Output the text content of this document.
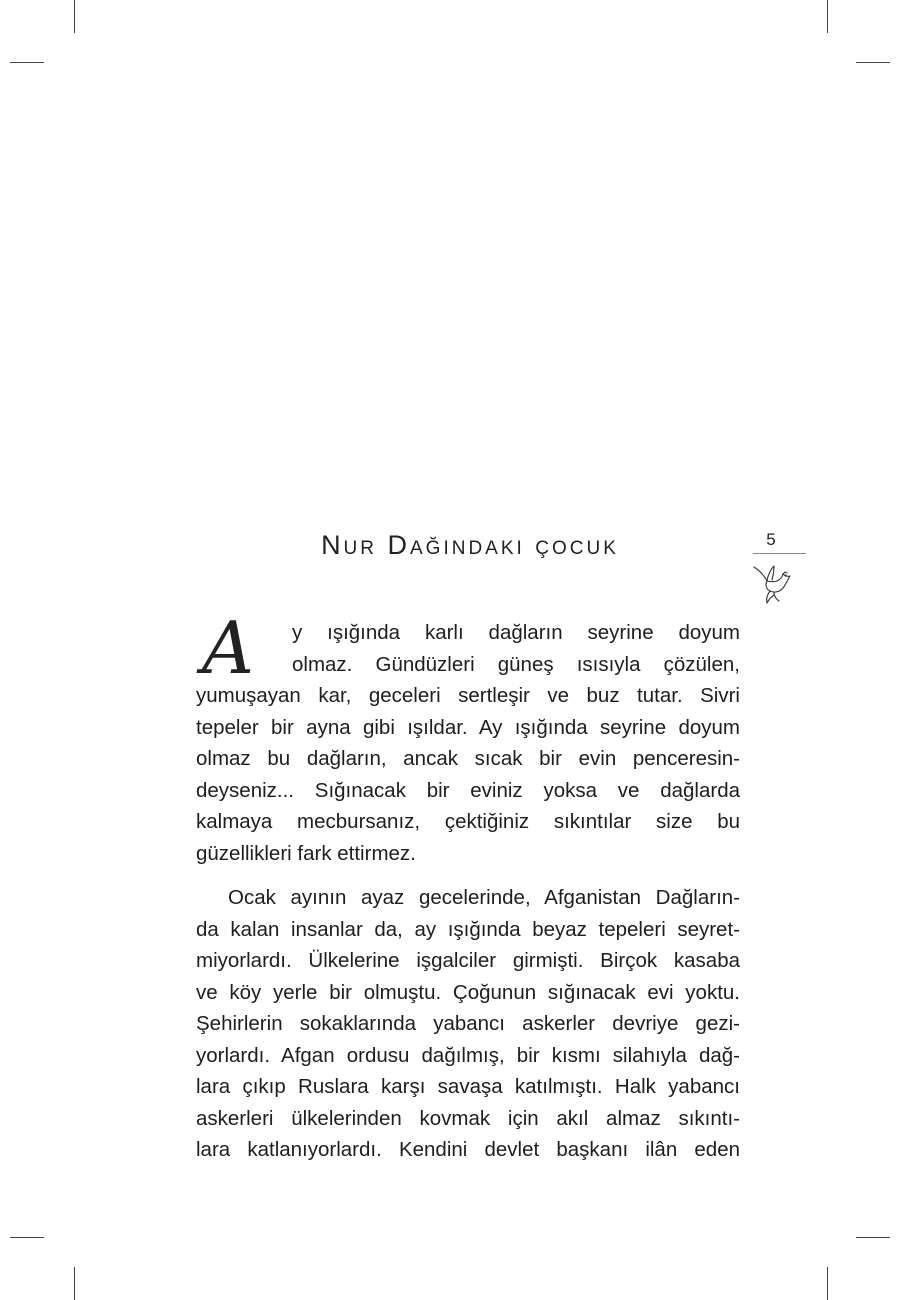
Nur Dağındaki çocuk	5
A	y ışığında karlı dağların seyrine doyum
olmaz. Gündüzleri güneş ısısıyla çözülen,
yumuşayan kar, geceleri sertleşir ve buz tutar. Sivri
tepeler bir ayna gibi ışıldar. Ay ışığında seyrine doyum
olmaz bu dağların, ancak sıcak bir evin penceresin-
deyseniz... Sığınacak bir eviniz yoksa ve dağlarda
kalmaya mecbursanız, çektiğiniz sıkıntılar size bu
güzellikleri fark ettirmez.
Ocak ayının ayaz gecelerinde, Afganistan Dağların-
da kalan insanlar da, ay ışığında beyaz tepeleri seyret-
miyorlardı. Ülkelerine işgalciler girmişti. Birçok kasaba
ve köy yerle bir olmuştu. Çoğunun sığınacak evi yoktu.
Şehirlerin sokaklarında yabancı askerler devriye gezi-
yorlardı. Afgan ordusu dağılmış, bir kısmı silahıyla dağ-
lara çıkıp Ruslara karşı savaşa katılmıştı. Halk yabancı
askerleri ülkelerinden kovmak için akıl almaz sıkıntı-
lara katlanıyorlardı. Kendini devlet başkanı ilân eden
